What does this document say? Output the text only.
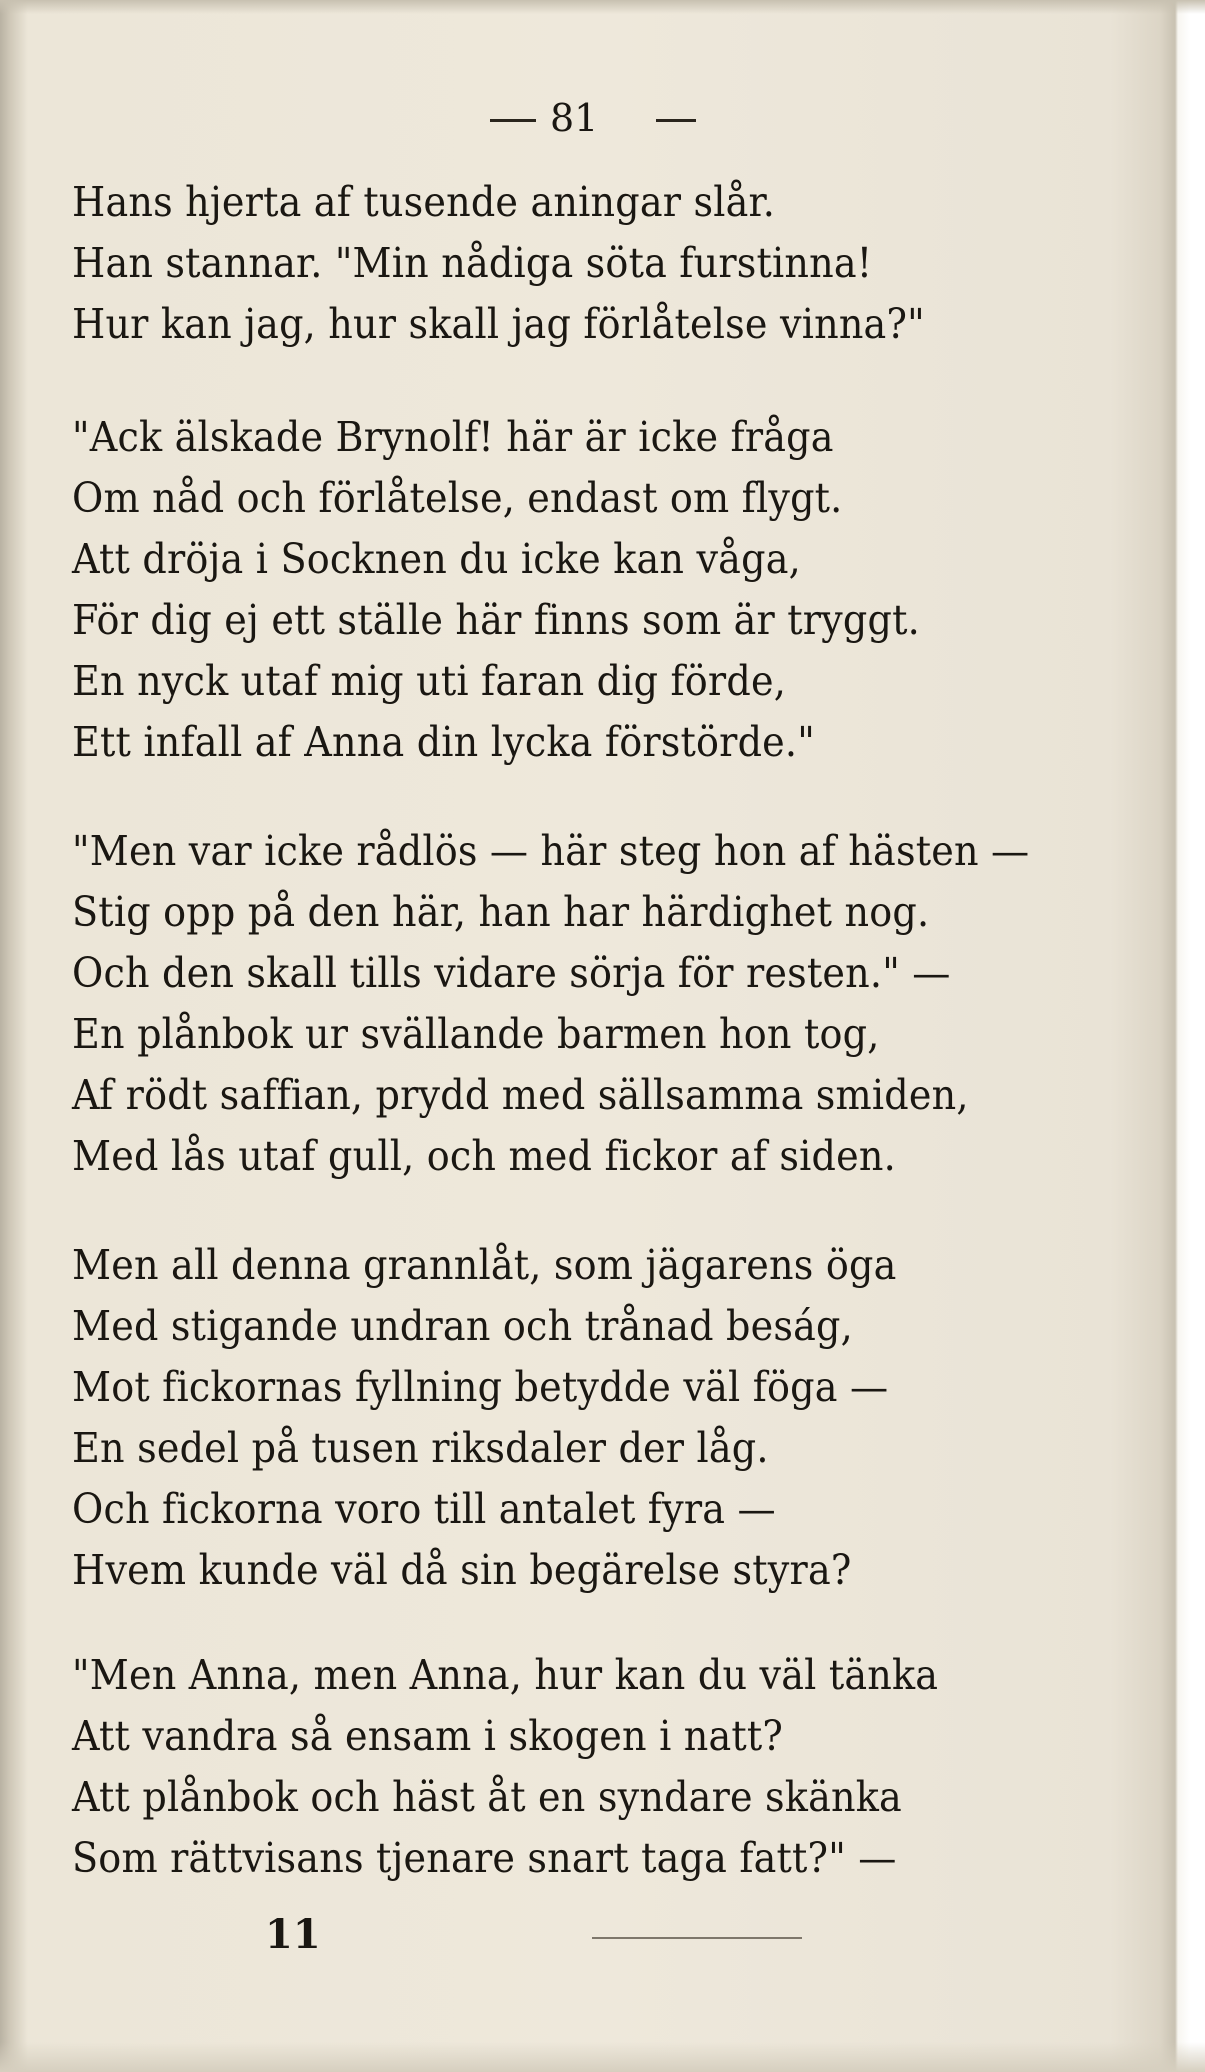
81
Hans hjerta af tusende aningar slår.
Han stannar. "Min nådiga söta furstinna!
Hur kan jag, hur skall jag förlåtelse vinna?"
"Ack älskade Brynolf! här är icke fråga
Om nåd och förlåtelse, endast om flygt.
Att dröja i Socknen du icke kan våga,
För dig ej ett ställe här finns som är tryggt.
En nyck utaf mig uti faran dig förde,
Ett infall af Anna din lycka förstörde."
"Men var icke rådlös — här steg hon af hästen —
Stig opp på den här, han har härdighet nog.
Och den skall tills vidare sörja för resten." —
En plånbok ur svällande barmen hon tog,
Af rödt saffian, prydd med sällsamma smiden,
Med lås utaf gull, och med fickor af siden.
Men all denna grannlåt, som jägarens öga
Med stigande undran och trånad beság,
Mot fickornas fyllning betydde väl föga —
En sedel på tusen riksdaler der låg.
Och fickorna voro till antalet fyra —
Hvem kunde väl då sin begärelse styra?
"Men Anna, men Anna, hur kan du väl tänka
Att vandra så ensam i skogen i natt?
Att plånbok och häst åt en syndare skänka
Som rättvisans tjenare snart taga fatt?" —
11
